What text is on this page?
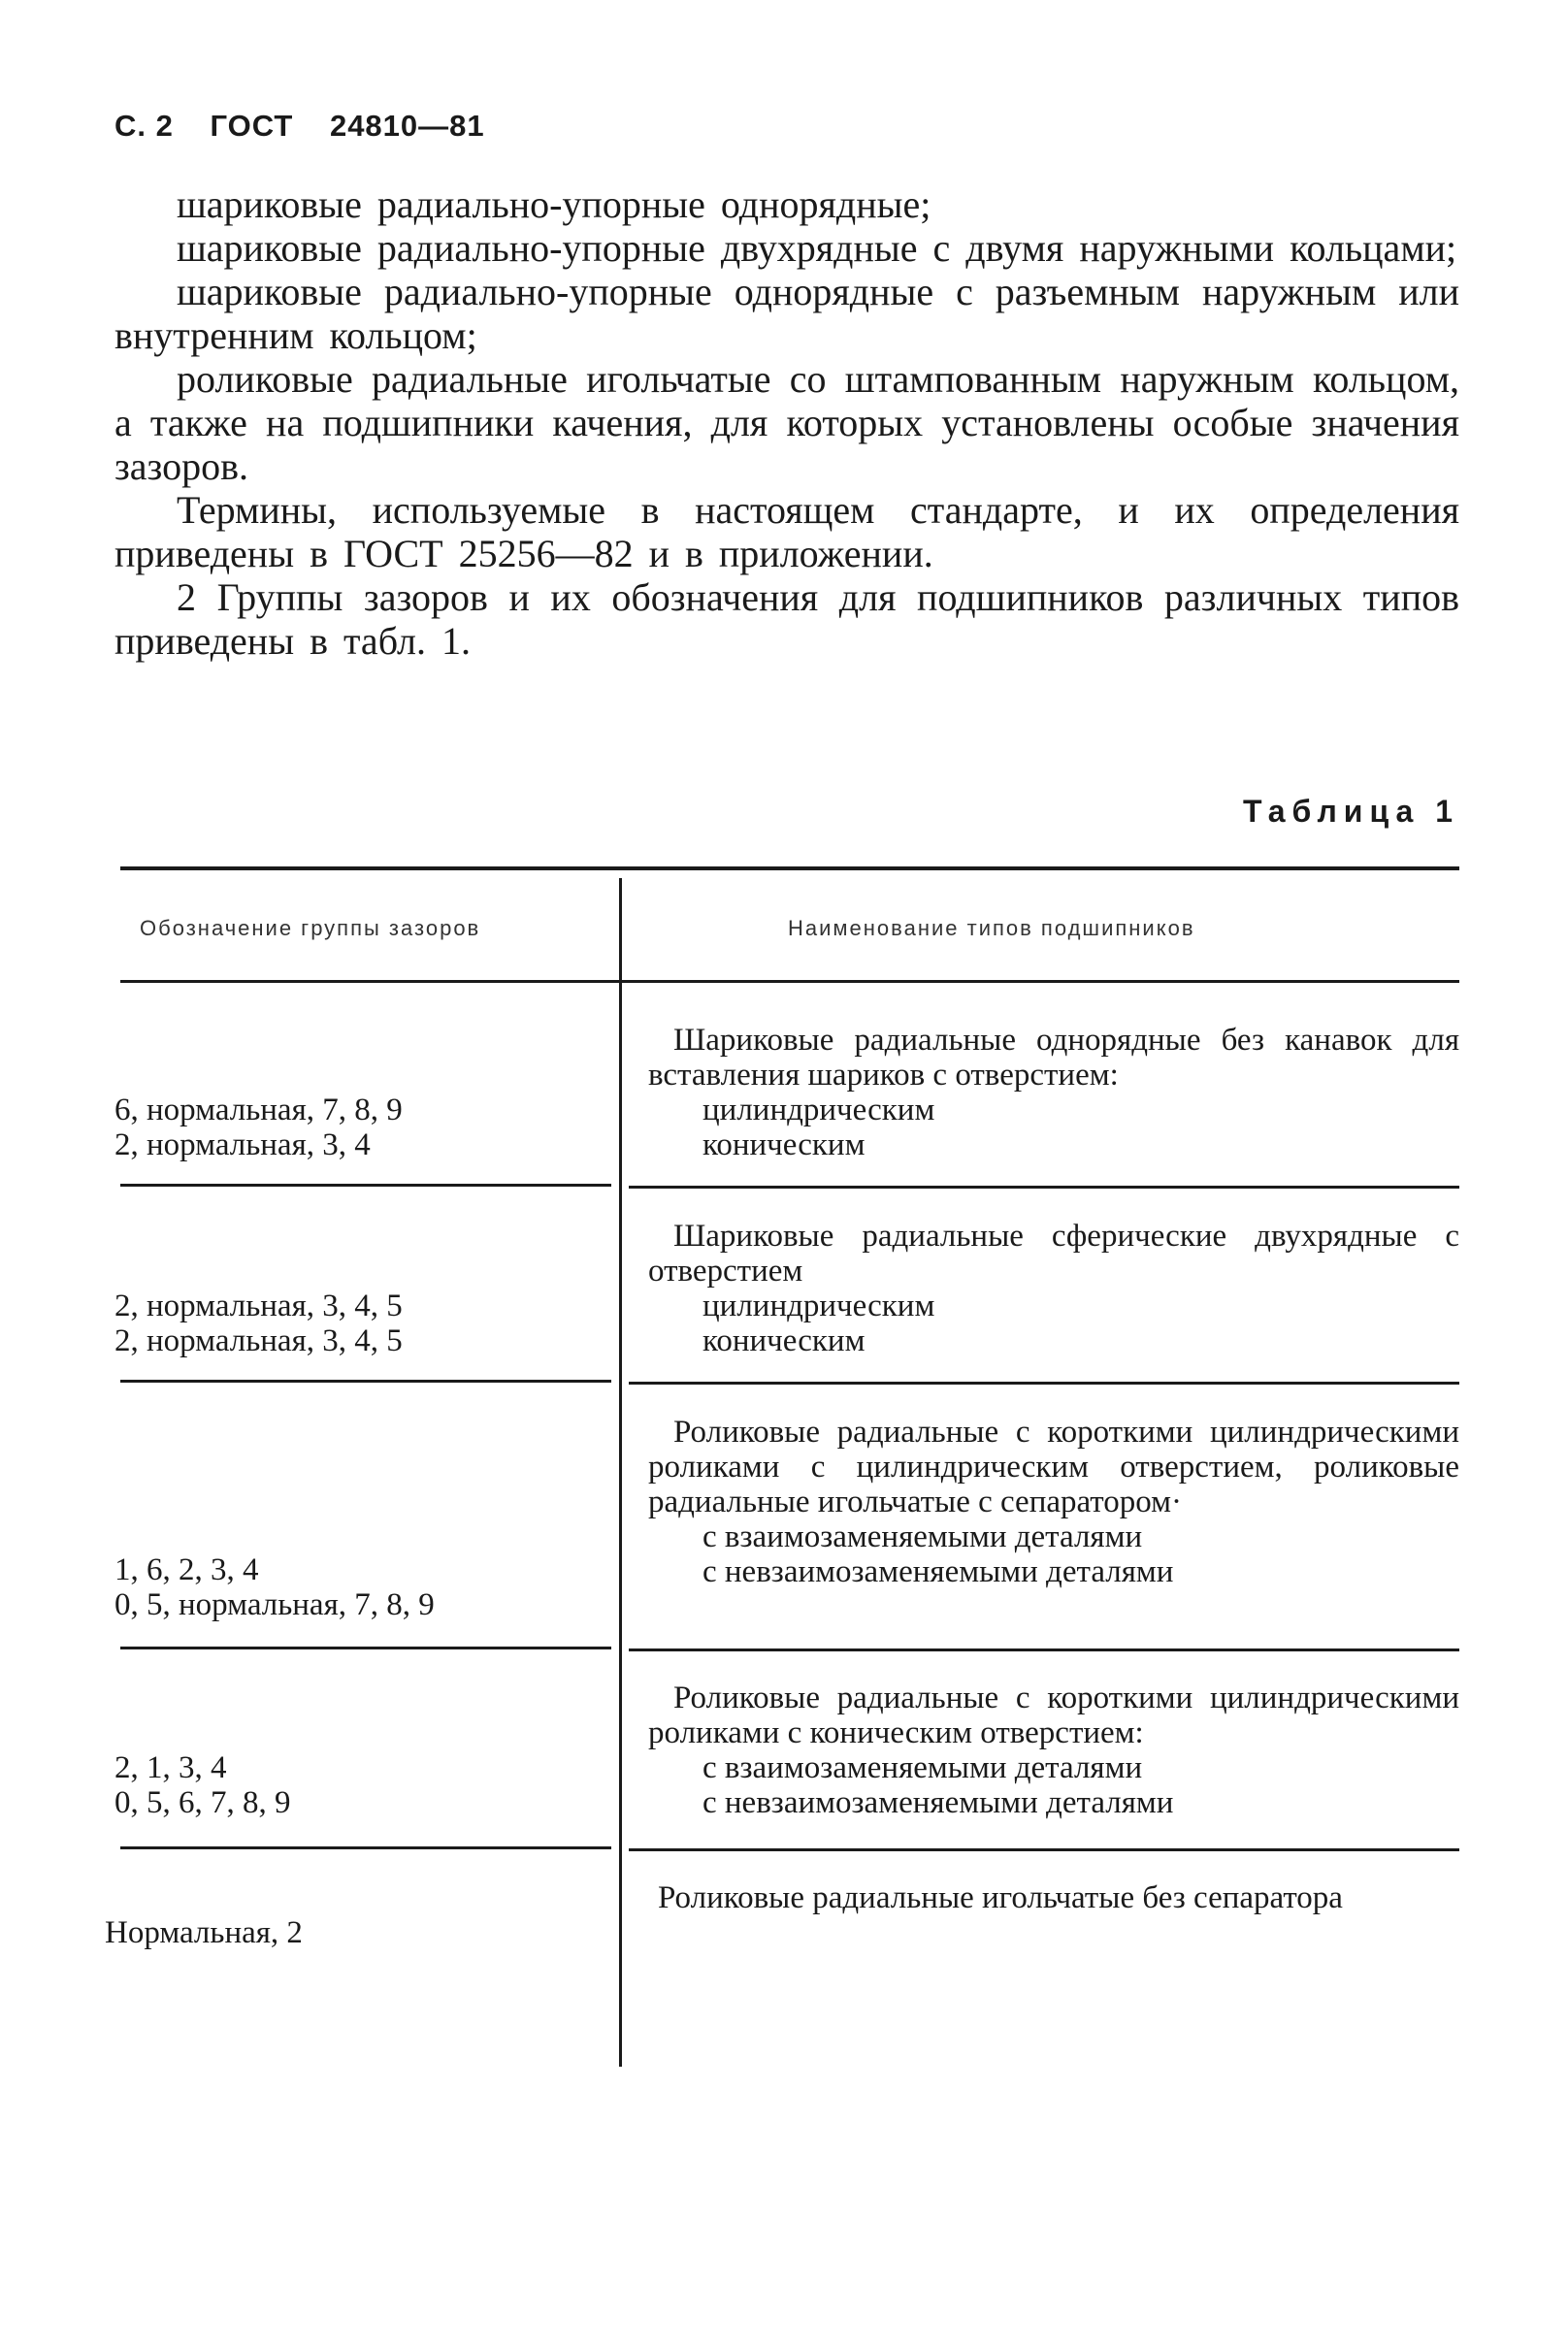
С. 2 ГОСТ 24810—81

шариковые радиально-упорные однорядные;

шариковые радиально-упорные двухрядные с двумя наружными кольцами;

шариковые радиально-упорные однорядные с разъемным наружным или внутренним кольцом;

роликовые радиальные игольчатые со штампованным наружным кольцом, а также на подшипники качения, для которых установлены особые значения зазоров.

Термины, используемые в настоящем стандарте, и их определения приведены в ГОСТ 25256—82 и в приложении.

2 Группы зазоров и их обозначения для подшипников различных типов приведены в табл. 1.

Таблица 1
Обозначение группы зазоров	Наименование типов подшипников

6, нормальная, 7, 8, 9

2, нормальная, 3, 4

Шариковые радиальные однорядные без канавок для вставления шариков с отверстием:

цилиндрическим

коническим

2, нормальная, 3, 4, 5

2, нормальная, 3, 4, 5

Шариковые радиальные сферические двухрядные с отверстием

цилиндрическим

коническим

1, 6, 2, 3, 4

0, 5, нормальная, 7, 8, 9

Роликовые радиальные с короткими цилиндрическими роликами с цилиндрическим отверстием, роликовые радиальные игольчатые с сепаратором·

с взаимозаменяемыми деталями

с невзаимозаменяемыми деталями

2, 1, 3, 4

0, 5, 6, 7, 8, 9

Роликовые радиальные с короткими цилиндрическими роликами с коническим отверстием:

с взаимозаменяемыми деталями

с невзаимозаменяемыми деталями

Нормальная, 2

Роликовые радиальные игольчатые без сепаратора
